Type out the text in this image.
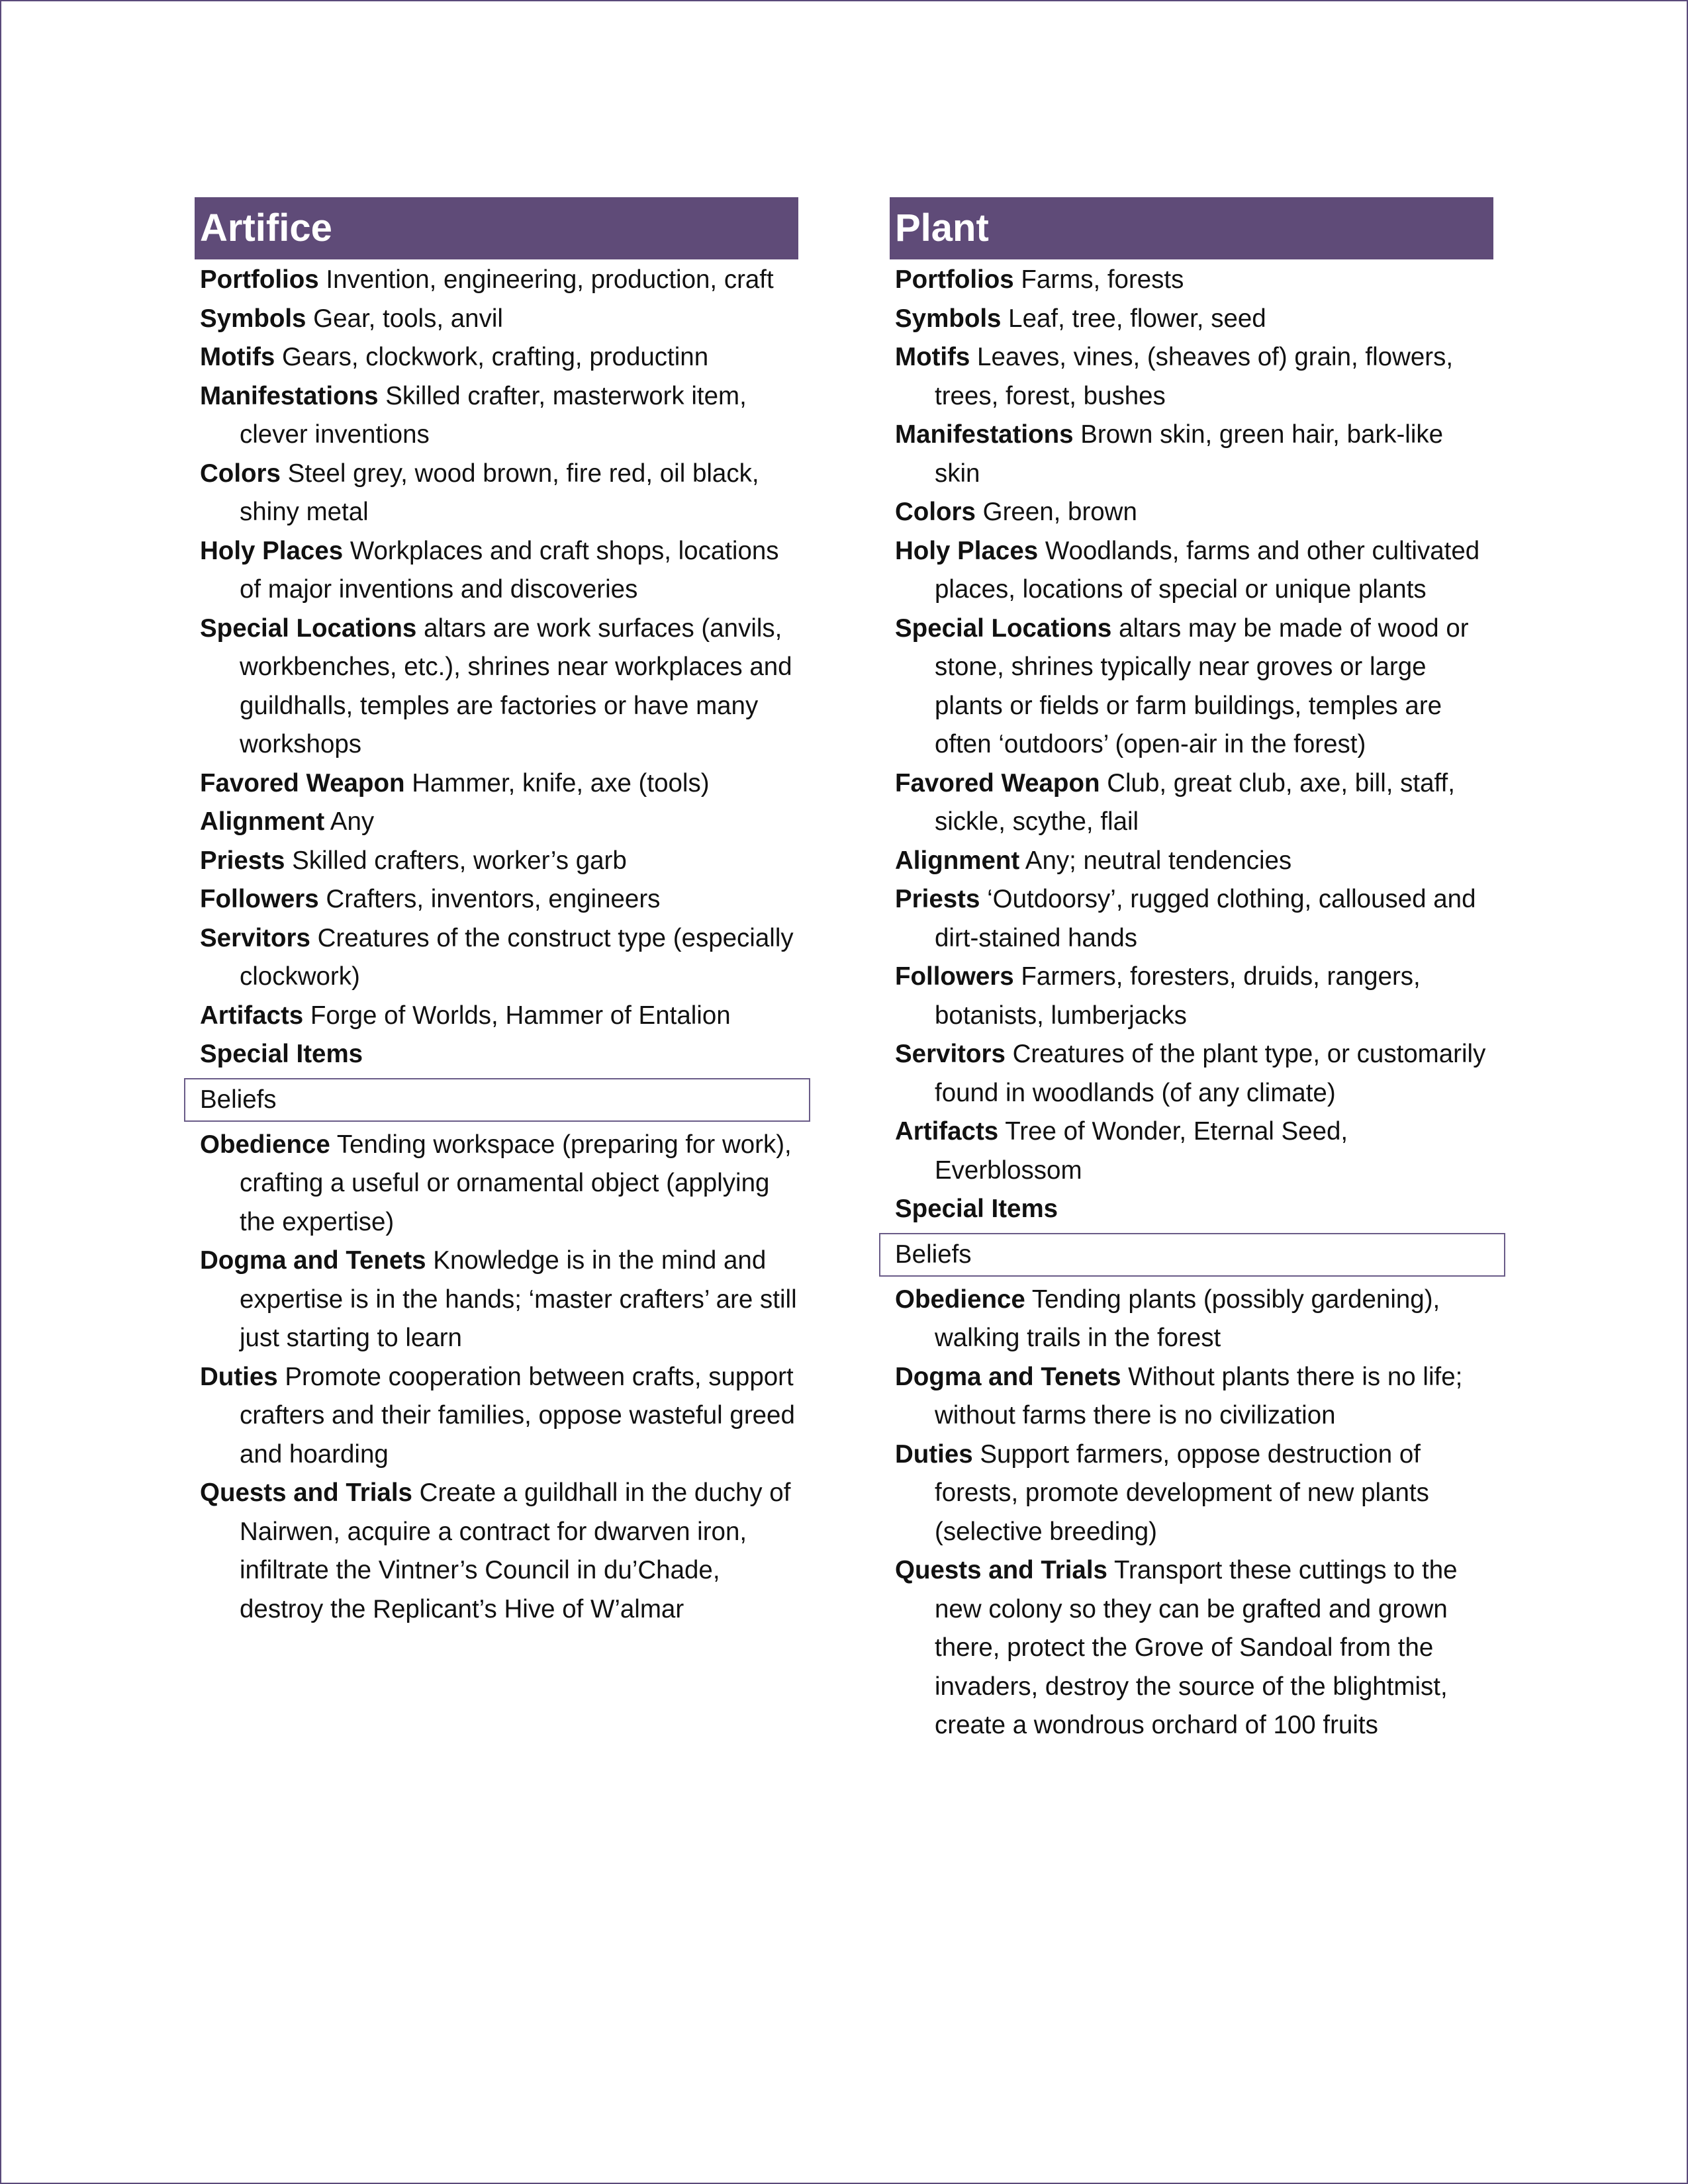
Artifice

Portfolios Invention, engineering, production, craft

Symbols Gear, tools, anvil

Motifs Gears, clockwork, crafting, productinn

Manifestations Skilled crafter, masterwork item, clever inventions

Colors Steel grey, wood brown, fire red, oil black, shiny metal

Holy Places Workplaces and craft shops, locations of major inventions and discoveries

Special Locations altars are work surfaces (anvils, workbenches, etc.), shrines near workplaces and guildhalls, temples are factories or have many workshops

Favored Weapon Hammer, knife, axe (tools)

Alignment Any

Priests Skilled crafters, worker’s garb

Followers Crafters, inventors, engineers

Servitors Creatures of the construct type (especially clockwork)

Artifacts Forge of Worlds, Hammer of Entalion

Special Items

Beliefs

Obedience Tending workspace (preparing for work), crafting a useful or ornamental object (applying the expertise)

Dogma and Tenets Knowledge is in the mind and expertise is in the hands; ‘master crafters’ are still just starting to learn

Duties Promote cooperation between crafts, support crafters and their families, oppose wasteful greed and hoarding

Quests and Trials Create a guildhall in the duchy of Nairwen, acquire a contract for dwarven iron, infiltrate the Vintner’s Council in du’Chade, destroy the Replicant’s Hive of W’almar

Plant

Portfolios Farms, forests

Symbols Leaf, tree, flower, seed

Motifs Leaves, vines, (sheaves of) grain, flowers, trees, forest, bushes

Manifestations Brown skin, green hair, bark-like skin

Colors Green, brown

Holy Places Woodlands, farms and other cultivated places, locations of special or unique plants

Special Locations altars may be made of wood or stone, shrines typically near groves or large plants or fields or farm buildings, temples are often ‘outdoors’ (open-air in the forest)

Favored Weapon Club, great club, axe, bill, staff, sickle, scythe, flail

Alignment Any; neutral tendencies

Priests ‘Outdoorsy’, rugged clothing, calloused and dirt-stained hands

Followers Farmers, foresters, druids, rangers, botanists, lumberjacks

Servitors Creatures of the plant type, or customarily found in woodlands (of any climate)

Artifacts Tree of Wonder, Eternal Seed, Everblossom

Special Items

Beliefs

Obedience Tending plants (possibly gardening), walking trails in the forest

Dogma and Tenets Without plants there is no life; without farms there is no civilization

Duties Support farmers, oppose destruction of forests, promote development of new plants (selective breeding)

Quests and Trials Transport these cuttings to the new colony so they can be grafted and grown there, protect the Grove of Sandoal from the invaders, destroy the source of the blightmist, create a wondrous orchard of 100 fruits
